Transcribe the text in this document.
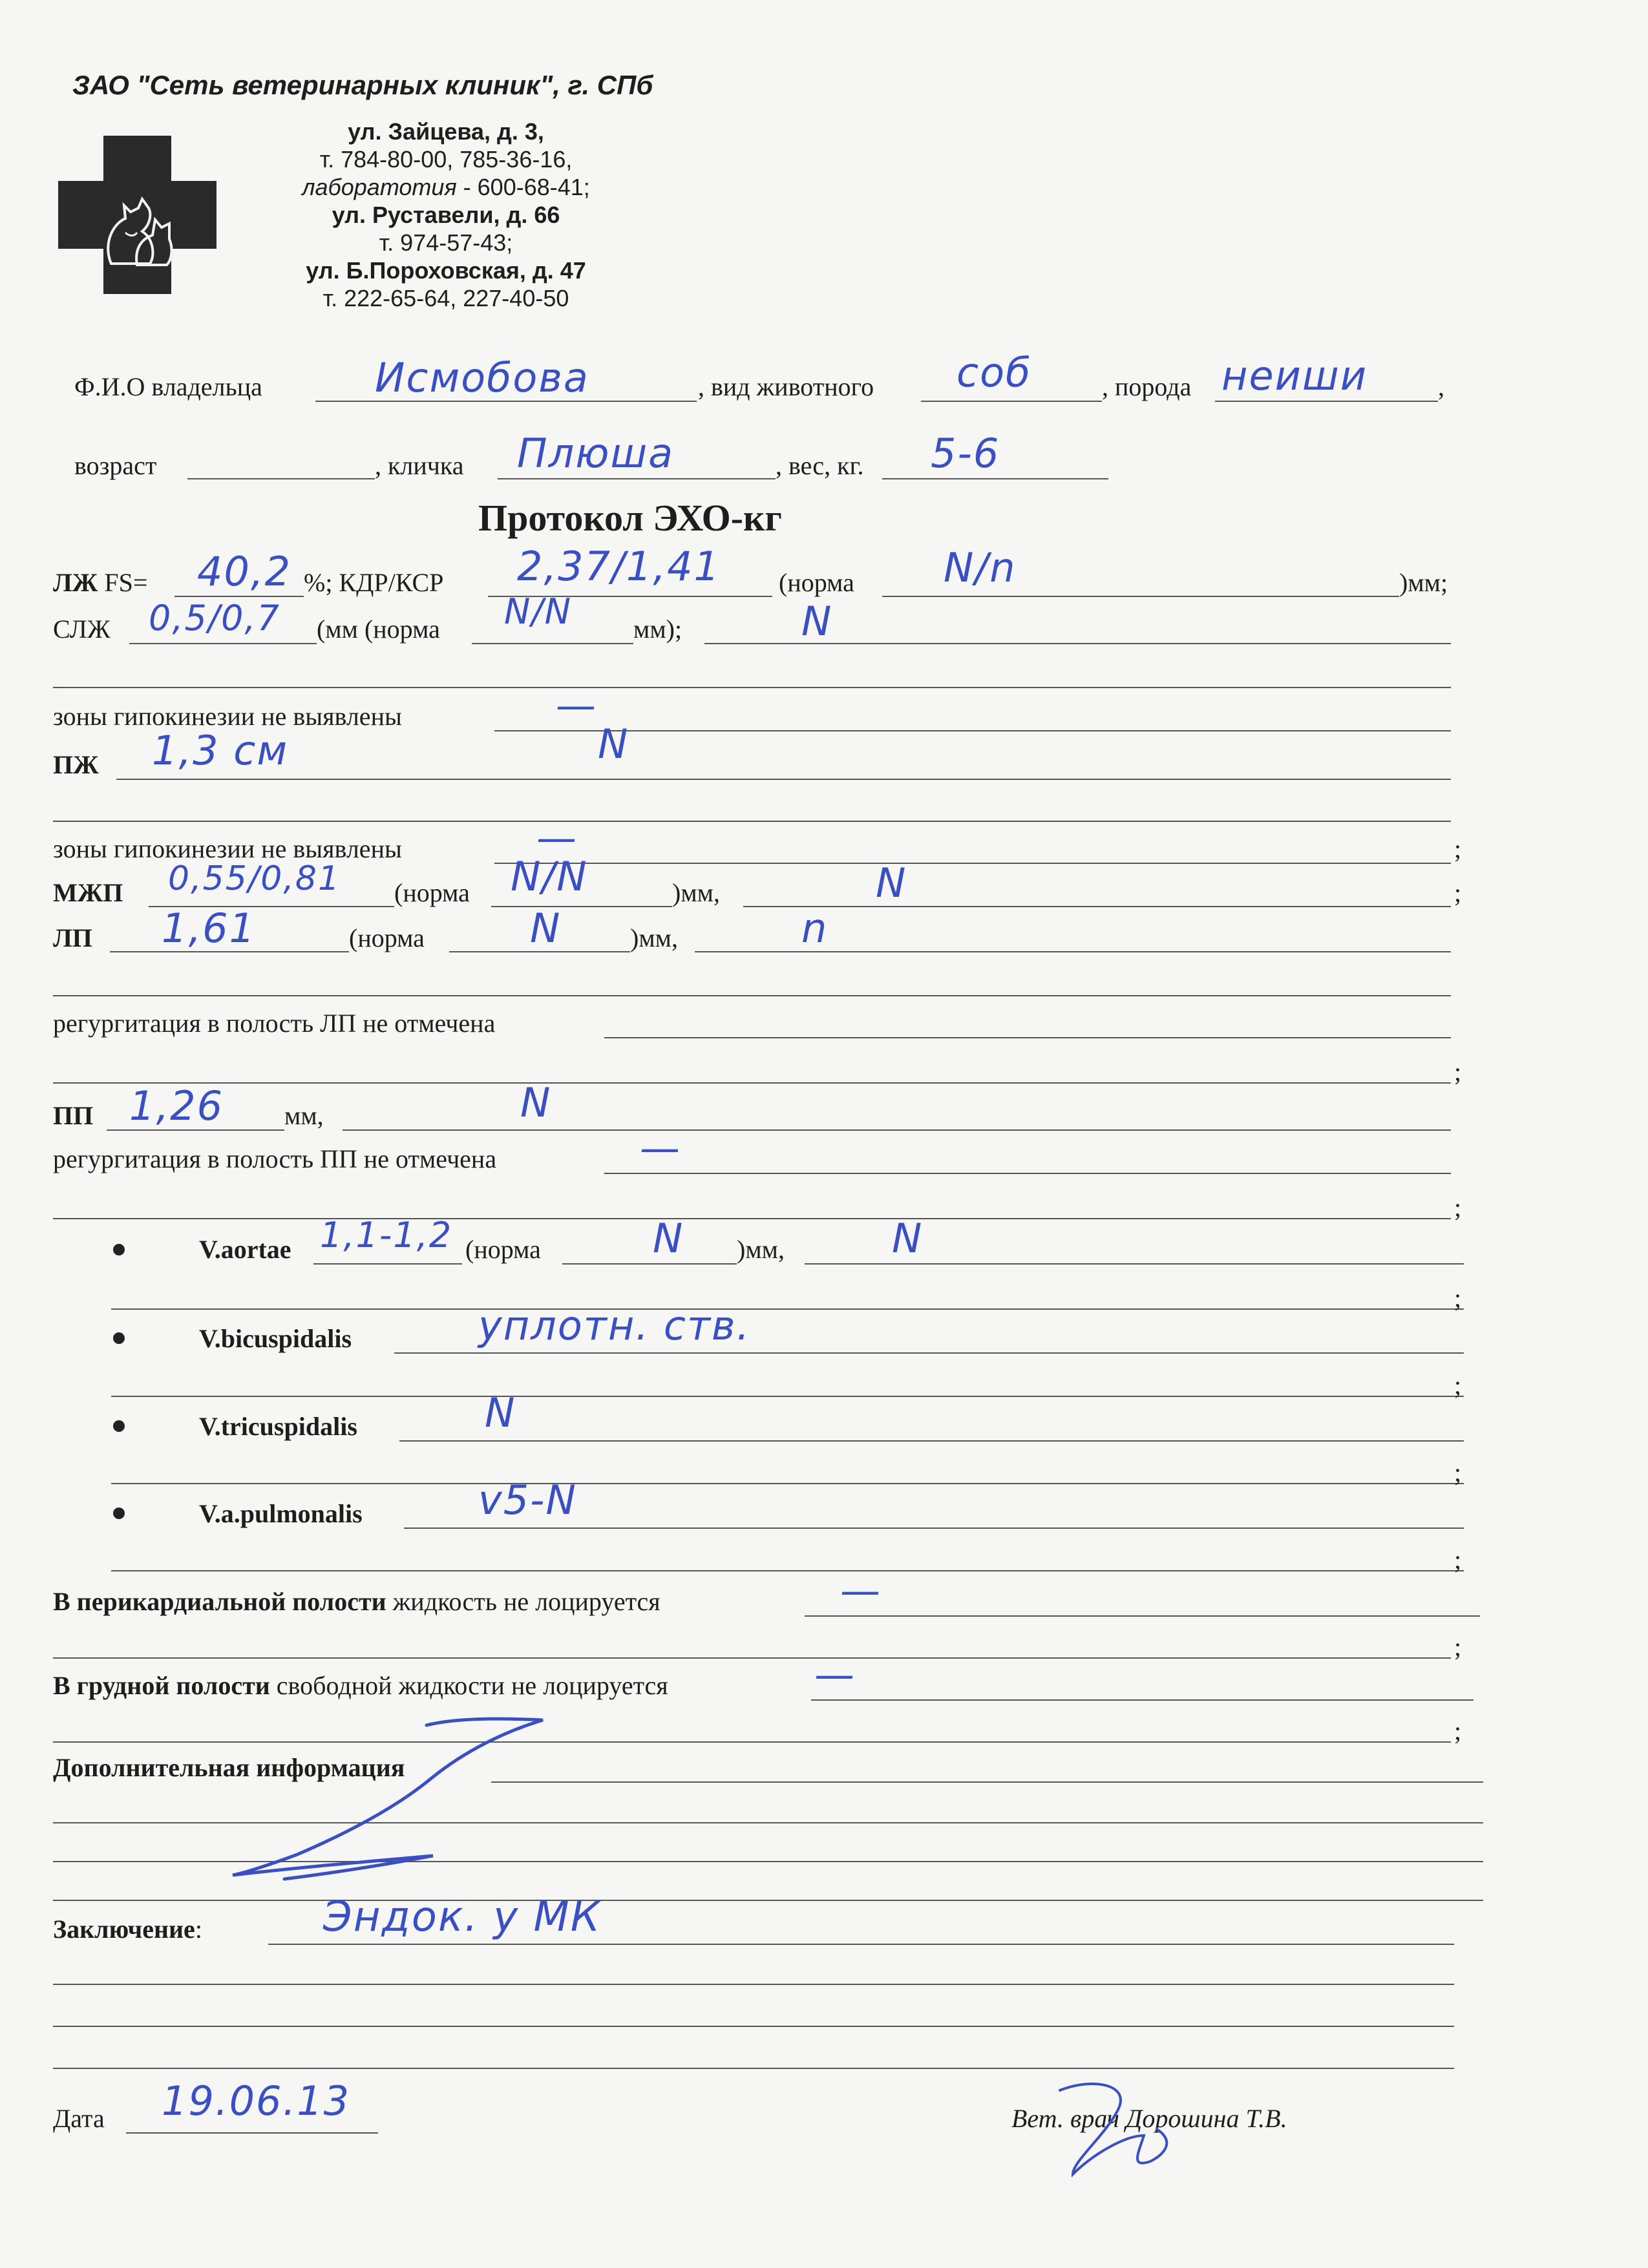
ЗАО "Сеть ветеринарных клиник", г. СПб
ул. Зайцева, д. 3,
т. 784-80-00, 785-36-16,
лаборатотия - 600-68-41;
ул. Руставели, д. 66
т. 974-57-43;
ул. Б.Пороховская, д. 47
т. 222-65-64, 227-40-50
Ф.И.О владельца	Исмобова	, вид животного соб	, порода неиши	,
возраст	, кличка Плюша	, вес, кг. 5-6
Протокол ЭХО-кг
ЛЖ FS= 40,2 %; КДР/КСР 2,37/1,41 (норма N/n	)мм;
СЛЖ 0,5/0,7 (мм (норма N/N мм);	N
зоны гипокинезии не выявлены	—
ПЖ 1,3 см	N
зоны гипокинезии не выявлены	—	;
МЖП 0,55/0,81 (норма N/N	)мм,	N	;
ЛП 1,61	(норма	N	)мм,	n
регургитация в полость ЛП не отмечена
;
ПП 1,26 мм,	N
регургитация в полость ПП не отмечена	—
;
V.aortae 1,1-1,2 (норма	N )мм,	N
;
V.bicuspidalis	уплотн. ств.
;
V.tricuspidalis	N
;
V.a.pulmonalis	v5-N
;
В перикардиальной полости жидкость не лоцируется	—
;
В грудной полости свободной жидкости не лоцируется	—
;
Дополнительная информация
Заключение:	Эндок. у МК
Дата 19.06.13	Вет. врач Дорошина Т.В.
